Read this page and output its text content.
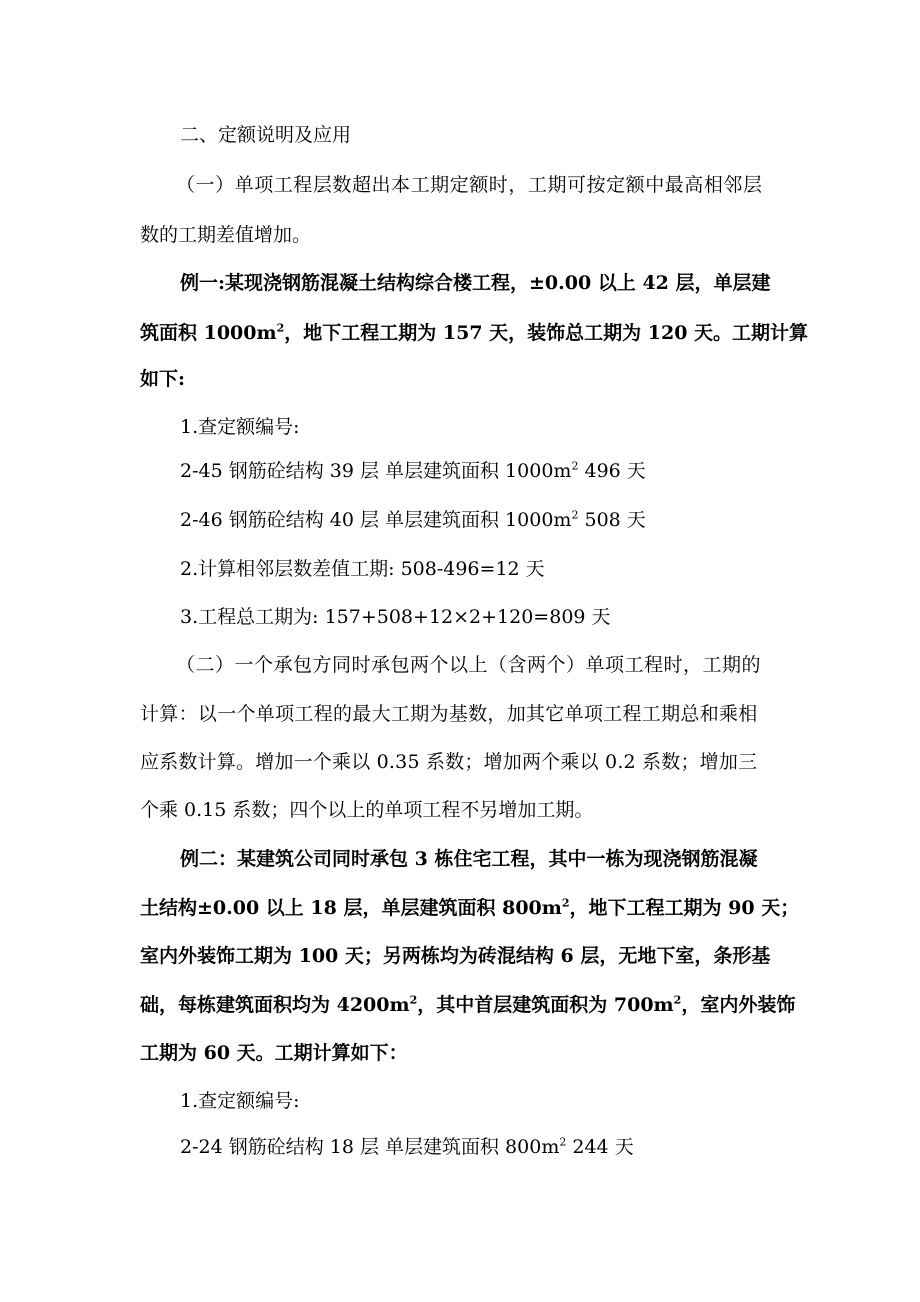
二、定额说明及应用
（一）单项工程层数超出本工期定额时，工期可按定额中最高相邻层
数的工期差值增加。
例一:某现浇钢筋混凝土结构综合楼工程，±0.00 以上 42 层，单层建
筑面积 $1000m^2$，地下工程工期为 157 天，装饰总工期为 120 天。工期计算
如下:
1.查定额编号:
2-45 钢筋砼结构 39 层 单层建筑面积 $1000m^2$ 496 天
2-46 钢筋砼结构 40 层 单层建筑面积 $1000m^2$ 508 天
2.计算相邻层数差值工期: 508-496=12 天
3.工程总工期为: 157+508+12×2+120=809 天
（二）一个承包方同时承包两个以上（含两个）单项工程时，工期的
计算：以一个单项工程的最大工期为基数，加其它单项工程工期总和乘相
应系数计算。增加一个乘以 0.35 系数；增加两个乘以 0.2 系数；增加三
个乘 0.15 系数；四个以上的单项工程不另增加工期。
例二：某建筑公司同时承包 3 栋住宅工程，其中一栋为现浇钢筋混凝
土结构±0.00 以上 18 层，单层建筑面积 $800m^2$，地下工程工期为 90 天；
室内外装饰工期为 100 天；另两栋均为砖混结构 6 层，无地下室，条形基
础，每栋建筑面积均为 $4200m^2$，其中首层建筑面积为 $700m^2$，室内外装饰
工期为 60 天。工期计算如下：
1.查定额编号:
2-24 钢筋砼结构 18 层 单层建筑面积 $800m^2$ 244 天
